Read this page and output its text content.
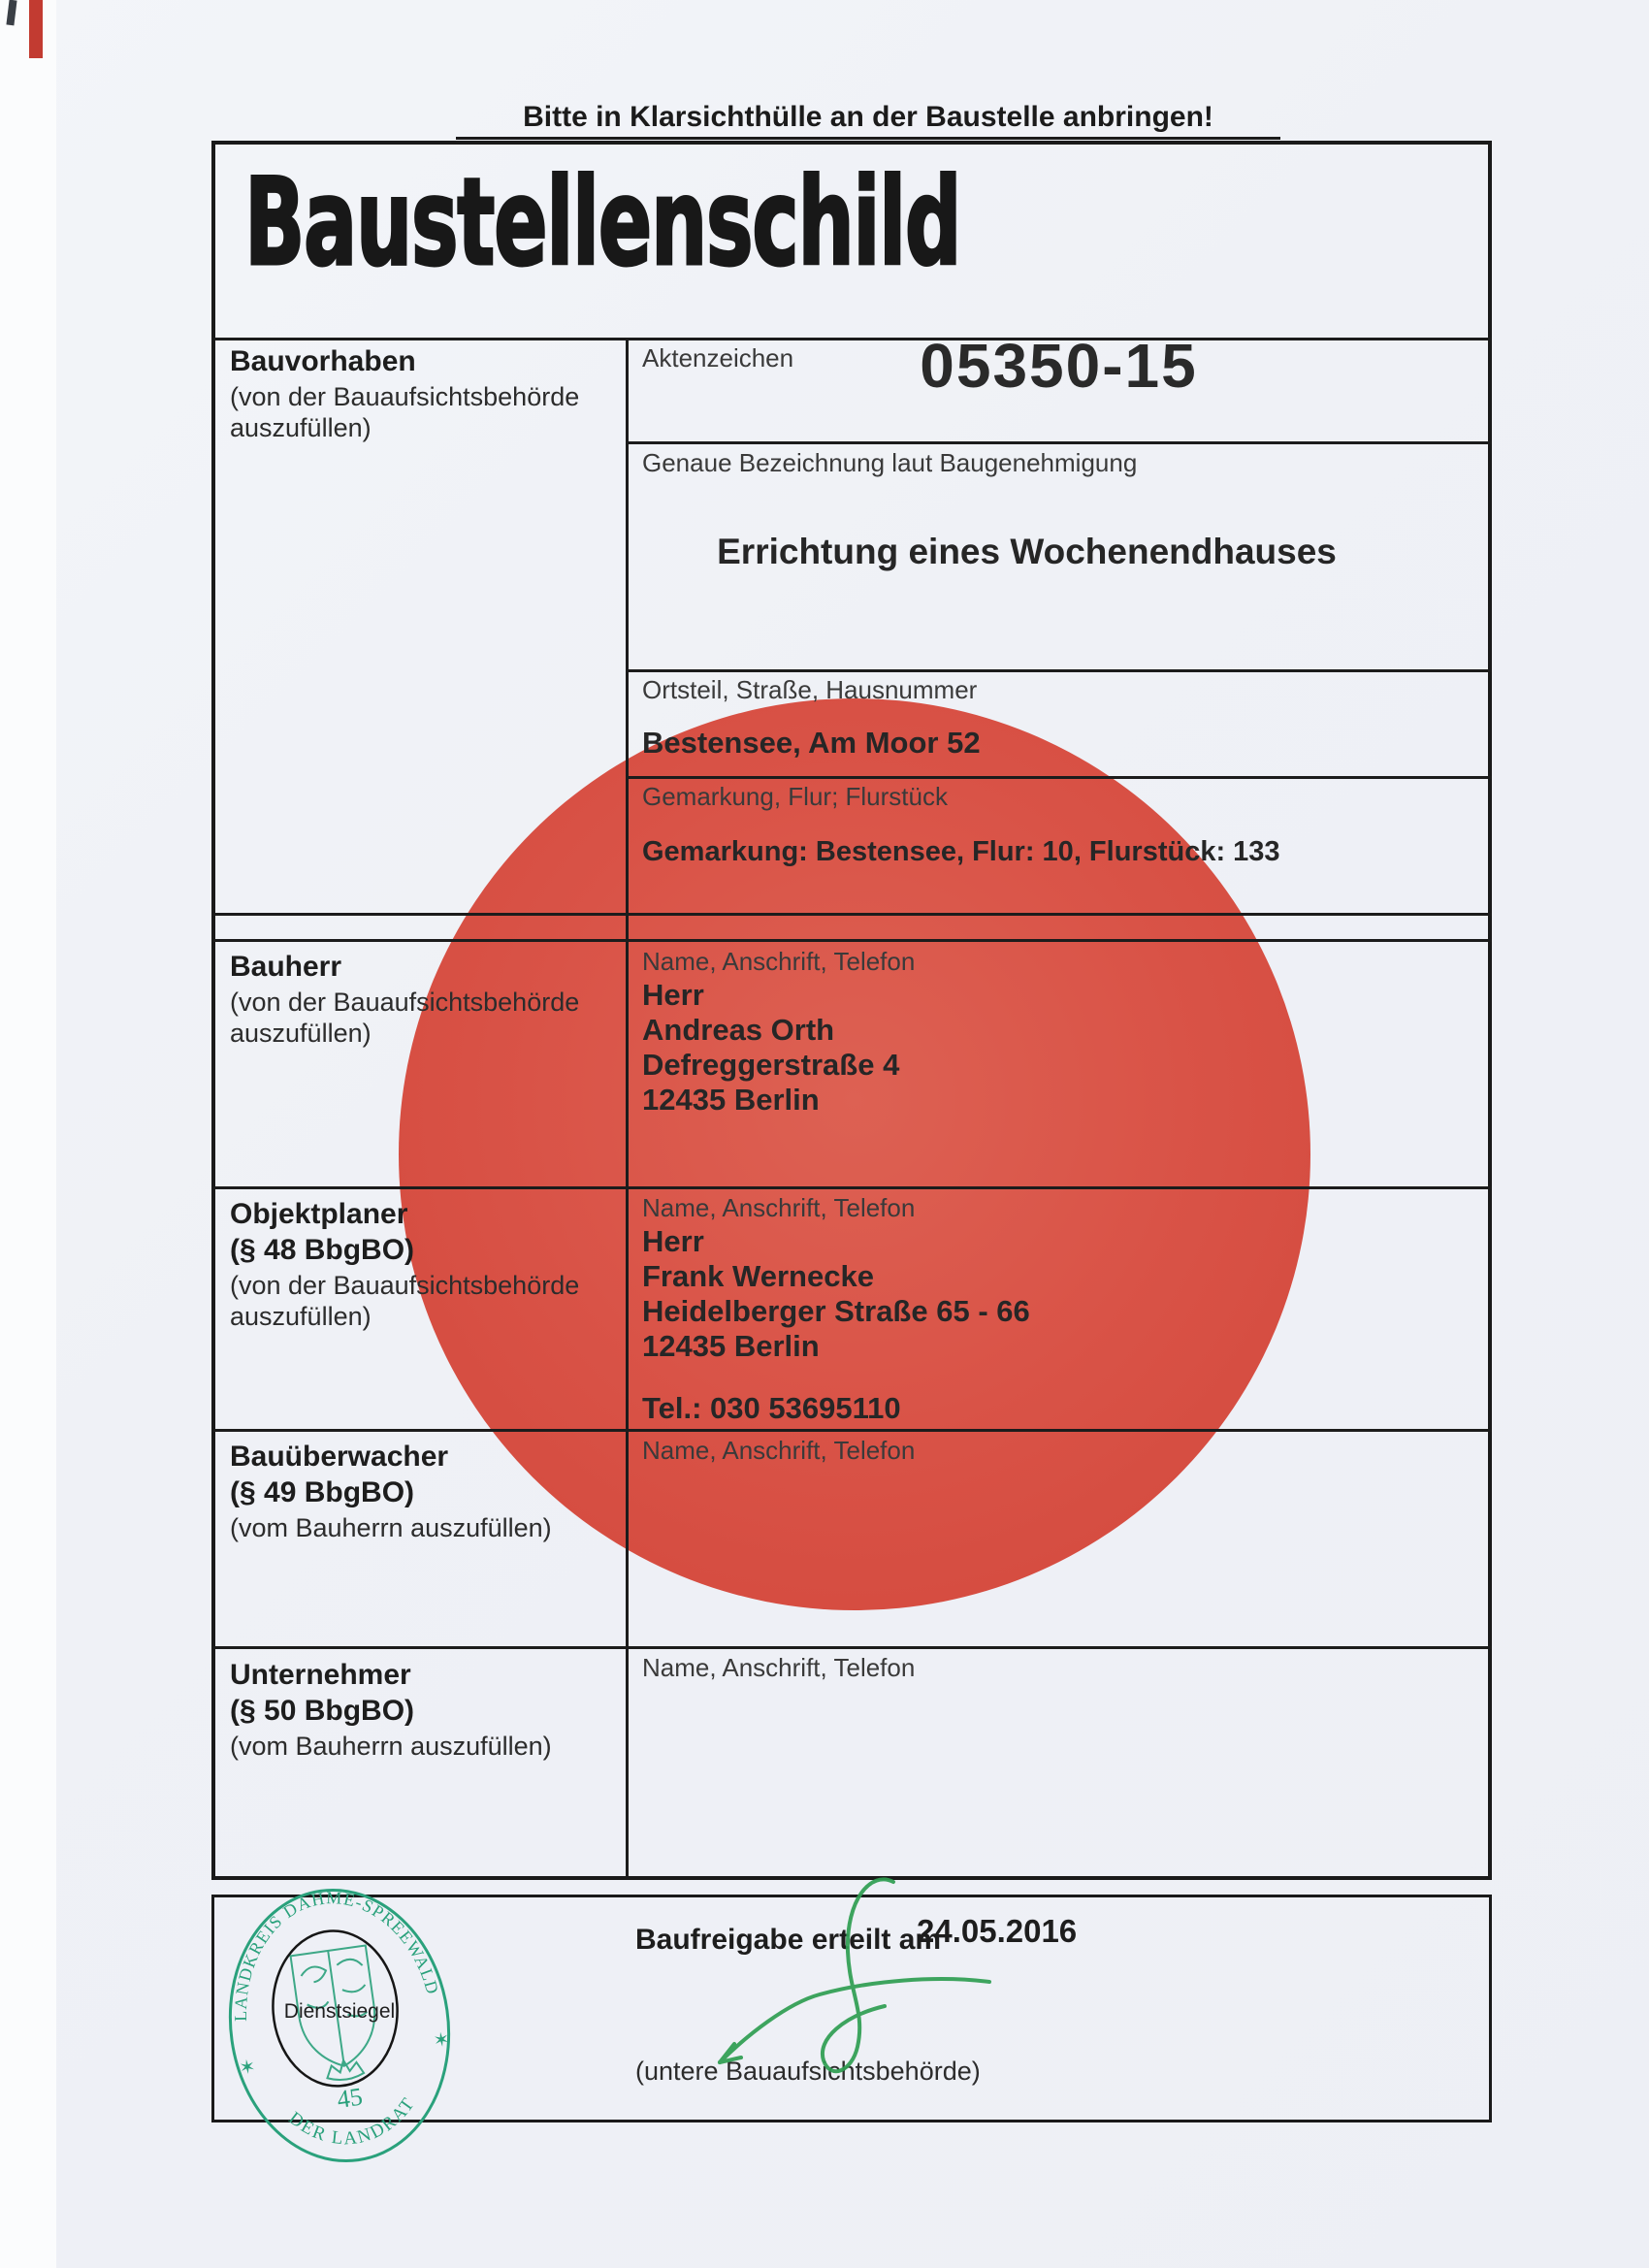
Bitte in Klarsichthülle an der Baustelle anbringen!
Baustellenschild
Bauvorhaben
(von der Bauaufsichtsbehörde
auszufüllen)
Aktenzeichen	05350-15
Genaue Bezeichnung laut Baugenehmigung
Errichtung eines Wochenendhauses
Ortsteil, Straße, Hausnummer
Bestensee, Am Moor 52
Gemarkung, Flur; Flurstück
Gemarkung: Bestensee, Flur: 10, Flurstück: 133
Bauherr
(von der Bauaufsichtsbehörde
auszufüllen)
Name, Anschrift, Telefon
Herr
Andreas Orth
Defreggerstraße 4
12435 Berlin
Objektplaner
(§ 48 BbgBO)
(von der Bauaufsichtsbehörde
auszufüllen)
Name, Anschrift, Telefon
Herr
Frank Wernecke
Heidelberger Straße 65 - 66
12435 Berlin
Tel.: 030 53695110
Bauüberwacher
(§ 49 BbgBO)
(vom Bauherrn auszufüllen)
Name, Anschrift, Telefon
Unternehmer
(§ 50 BbgBO)
(vom Bauherrn auszufüllen)
Name, Anschrift, Telefon
Baufreigabe erteilt am
24.05.2016
(untere Bauaufsichtsbehörde)
LANDKREIS DAHME-SPREEWALD
DER LANDRAT
✶
✶
45
Dienstsiegel
